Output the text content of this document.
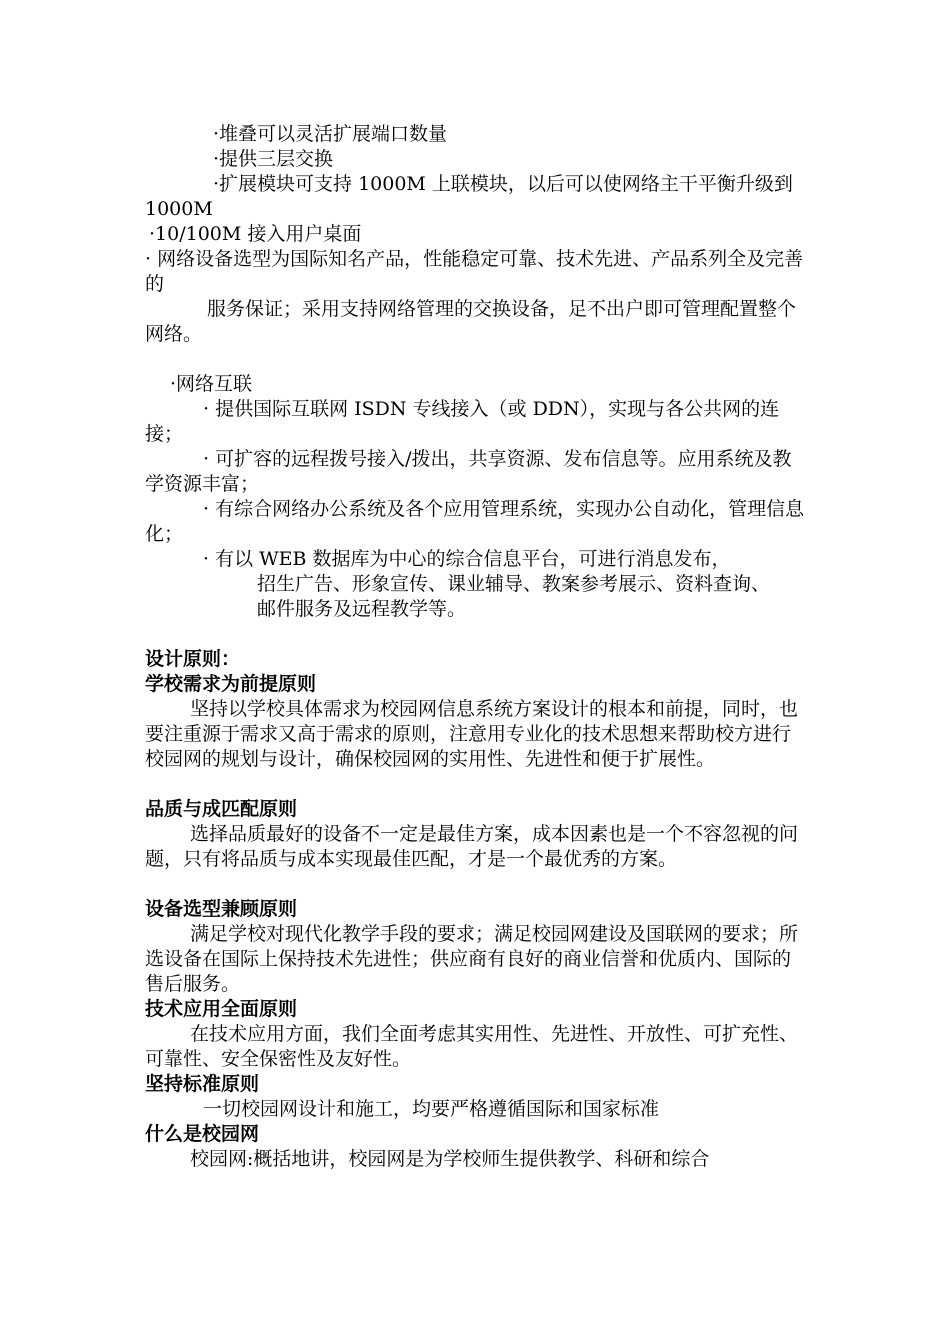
·堆叠可以灵活扩展端口数量
·提供三层交换
·扩展模块可支持 1000M 上联模块，以后可以使网络主干平衡升级到 1000M
·10/100M 接入用户桌面
· 网络设备选型为国际知名产品，性能稳定可靠、技术先进、产品系列全及完善的
服务保证；采用支持网络管理的交换设备，足不出户即可管理配置整个网络。
·网络互联
· 提供国际互联网 ISDN 专线接入（或 DDN），实现与各公共网的连接；
· 可扩容的远程拨号接入/拨出，共享资源、发布信息等。应用系统及教学资源丰富；
· 有综合网络办公系统及各个应用管理系统，实现办公自动化，管理信息化；
· 有以 WEB 数据库为中心的综合信息平台，可进行消息发布，
招生广告、形象宣传、课业辅导、教案参考展示、资料查询、
邮件服务及远程教学等。
设计原则：
学校需求为前提原则
坚持以学校具体需求为校园网信息系统方案设计的根本和前提，同时，也要注重源于需求又高于需求的原则，注意用专业化的技术思想来帮助校方进行校园网的规划与设计，确保校园网的实用性、先进性和便于扩展性。
品质与成匹配原则
选择品质最好的设备不一定是最佳方案，成本因素也是一个不容忽视的问题，只有将品质与成本实现最佳匹配，才是一个最优秀的方案。
设备选型兼顾原则
满足学校对现代化教学手段的要求；满足校园网建设及国联网的要求；所选设备在国际上保持技术先进性；供应商有良好的商业信誉和优质内、国际的售后服务。
技术应用全面原则
在技术应用方面，我们全面考虑其实用性、先进性、开放性、可扩充性、可靠性、安全保密性及友好性。
坚持标准原则
一切校园网设计和施工，均要严格遵循国际和国家标准
什么是校园网
校园网:概括地讲，校园网是为学校师生提供教学、科研和综合
